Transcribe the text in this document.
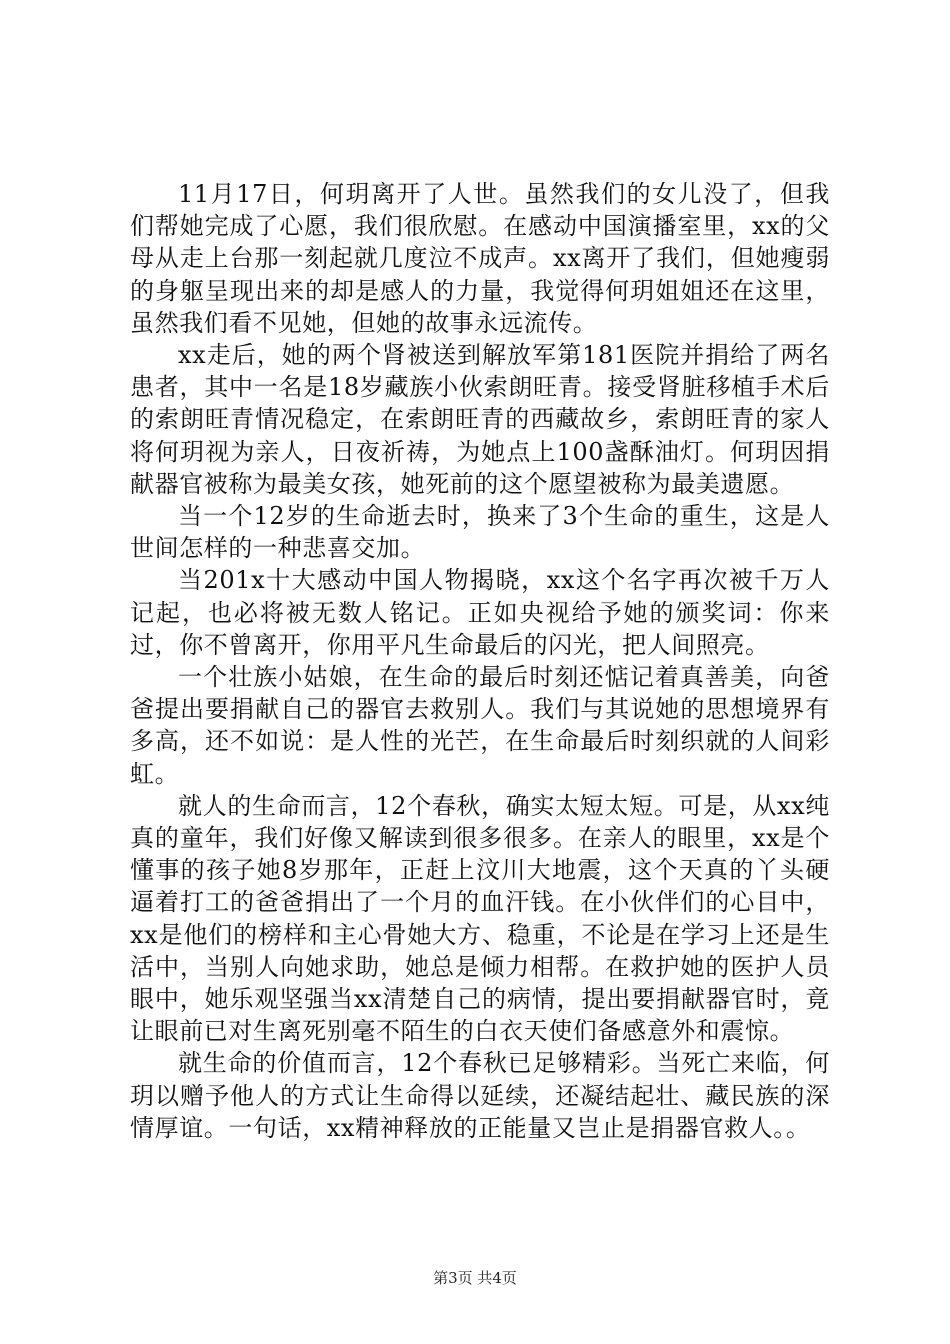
11月17日，何玥离开了人世。虽然我们的女儿没了，但我们帮她完成了心愿，我们很欣慰。在感动中国演播室里，xx的父母从走上台那一刻起就几度泣不成声。xx离开了我们，但她瘦弱的身躯呈现出来的却是感人的力量，我觉得何玥姐姐还在这里，虽然我们看不见她，但她的故事永远流传。

xx走后，她的两个肾被送到解放军第181医院并捐给了两名患者，其中一名是18岁藏族小伙索朗旺青。接受肾脏移植手术后的索朗旺青情况稳定，在索朗旺青的西藏故乡，索朗旺青的家人将何玥视为亲人，日夜祈祷，为她点上100盏酥油灯。何玥因捐献器官被称为最美女孩，她死前的这个愿望被称为最美遗愿。

当一个12岁的生命逝去时，换来了3个生命的重生，这是人世间怎样的一种悲喜交加。

当201x十大感动中国人物揭晓，xx这个名字再次被千万人记起，也必将被无数人铭记。正如央视给予她的颁奖词：你来过，你不曾离开，你用平凡生命最后的闪光，把人间照亮。

一个壮族小姑娘，在生命的最后时刻还惦记着真善美，向爸爸提出要捐献自己的器官去救别人。我们与其说她的思想境界有多高，还不如说：是人性的光芒，在生命最后时刻织就的人间彩虹。

就人的生命而言，12个春秋，确实太短太短。可是，从xx纯真的童年，我们好像又解读到很多很多。在亲人的眼里，xx是个懂事的孩子她8岁那年，正赶上汶川大地震，这个天真的丫头硬逼着打工的爸爸捐出了一个月的血汗钱。在小伙伴们的心目中，xx是他们的榜样和主心骨她大方、稳重，不论是在学习上还是生活中，当别人向她求助，她总是倾力相帮。在救护她的医护人员眼中，她乐观坚强当xx清楚自己的病情，提出要捐献器官时，竟让眼前已对生离死别毫不陌生的白衣天使们备感意外和震惊。

就生命的价值而言，12个春秋已足够精彩。当死亡来临，何玥以赠予他人的方式让生命得以延续，还凝结起壮、藏民族的深情厚谊。一句话，xx精神释放的正能量又岂止是捐器官救人。。

第3页 共4页
